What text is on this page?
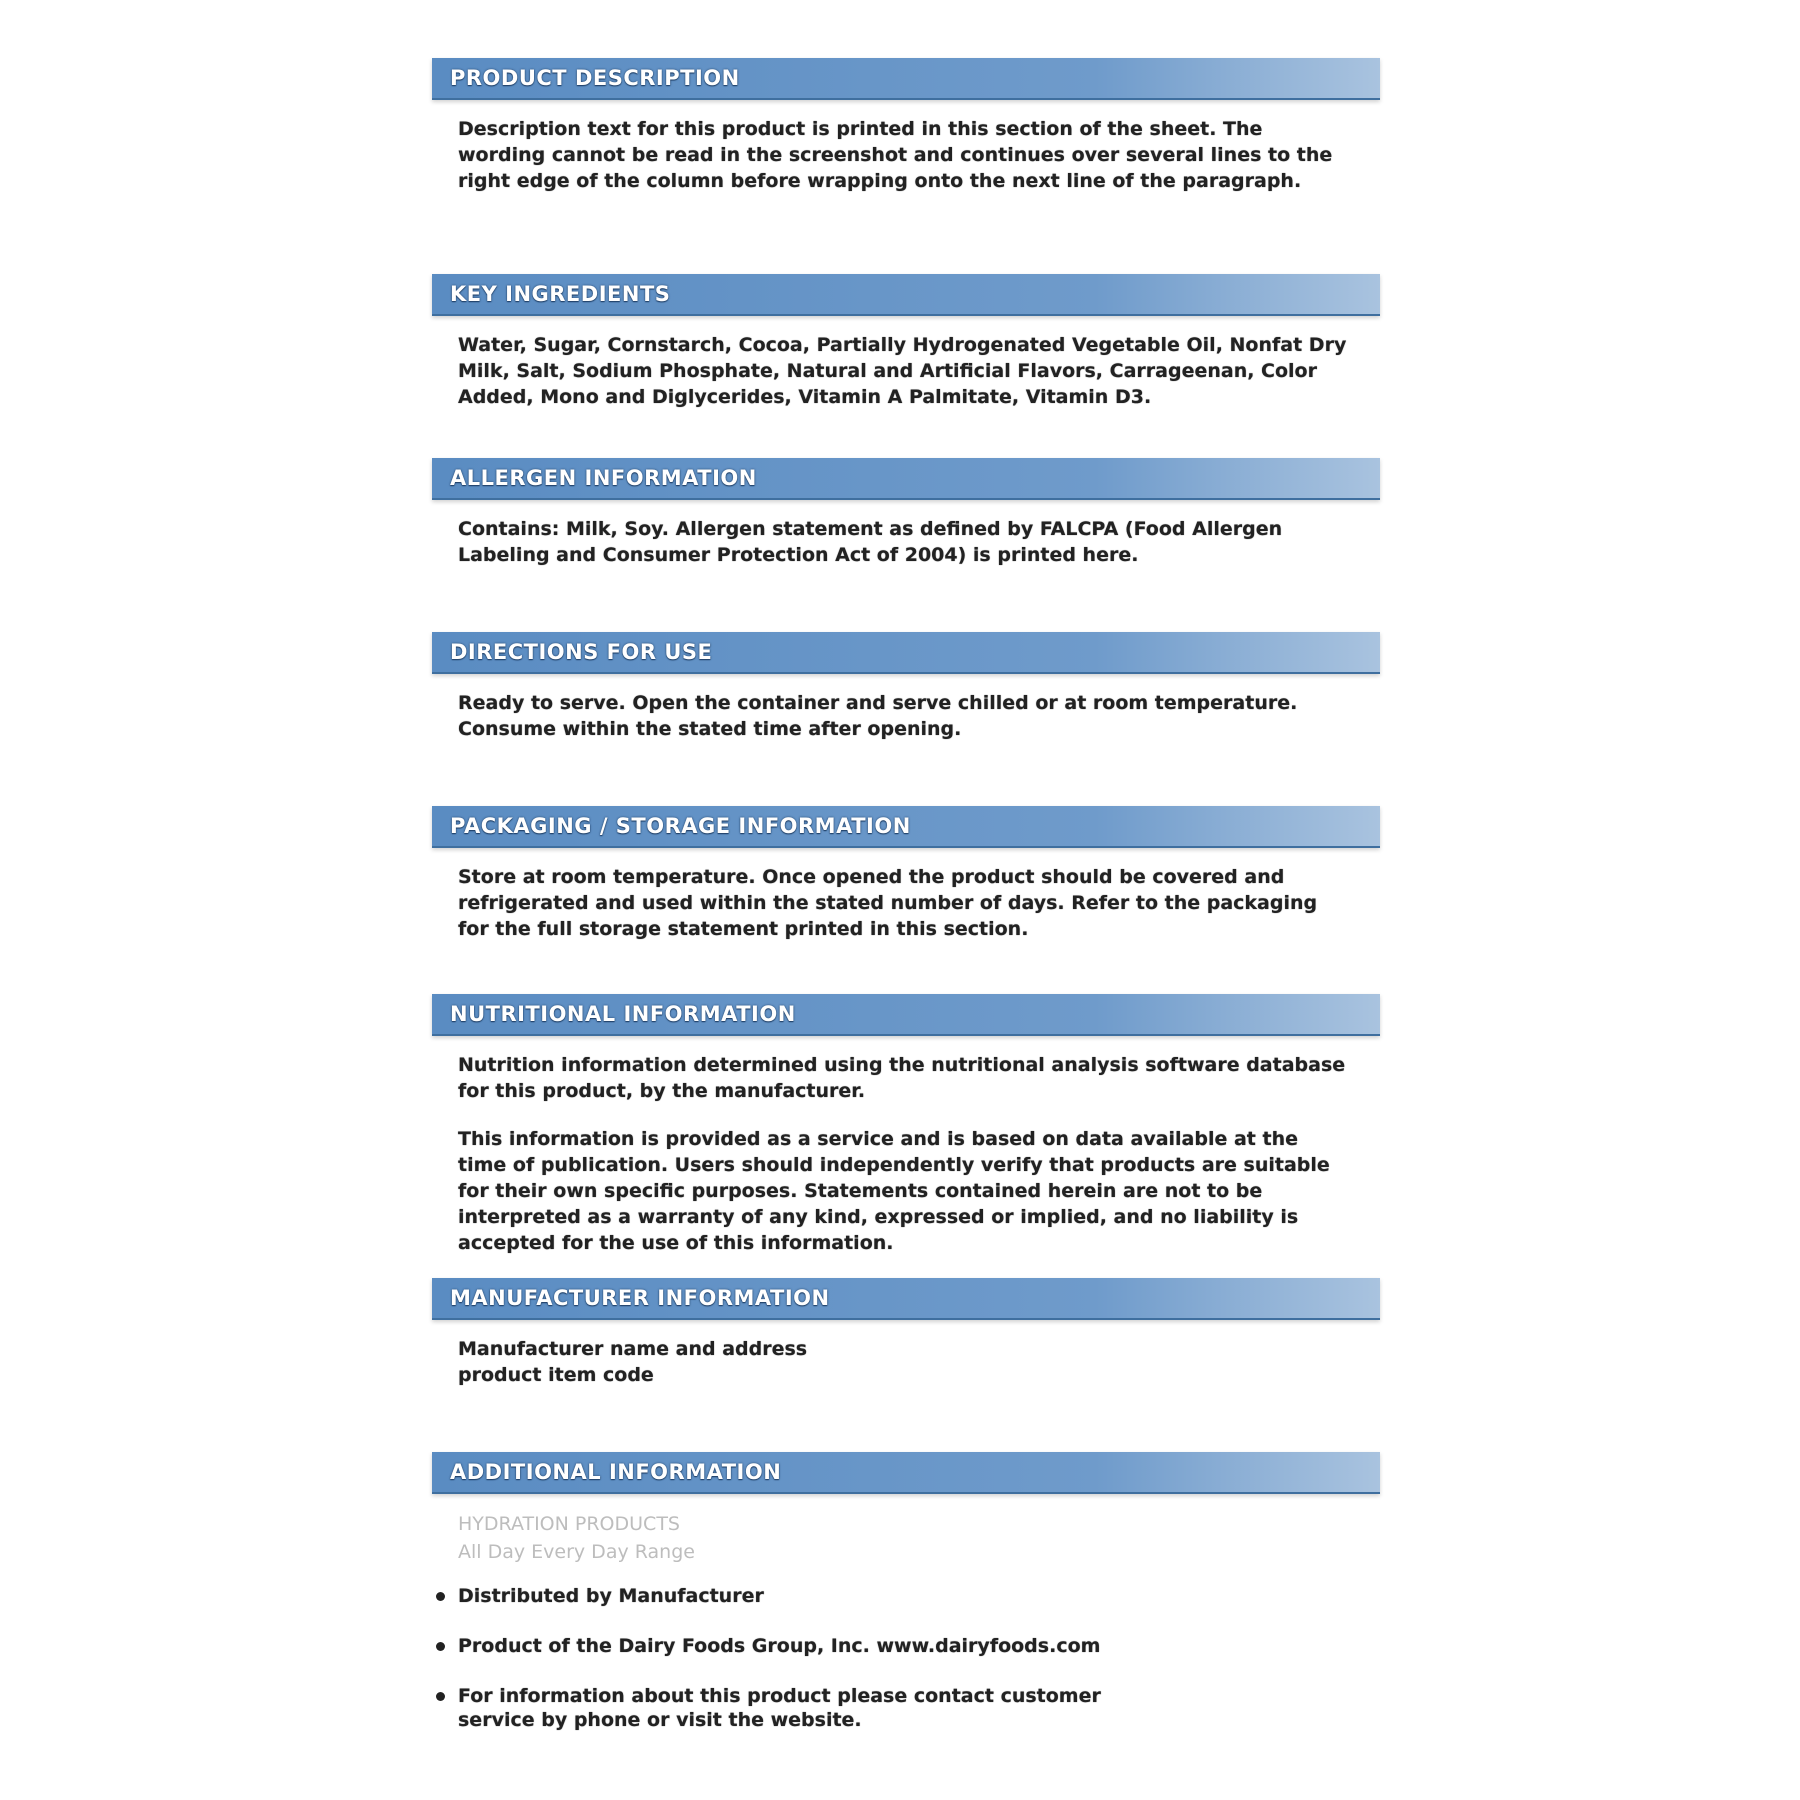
PRODUCT DESCRIPTION

Description text for this product is printed in this section of the sheet. The wording cannot be read in the screenshot and continues over several lines to the right edge of the column before wrapping onto the next line of the paragraph.

KEY INGREDIENTS

Water, Sugar, Cornstarch, Cocoa, Partially Hydrogenated Vegetable Oil, Nonfat Dry Milk, Salt, Sodium Phosphate, Natural and Artificial Flavors, Carrageenan, Color Added, Mono and Diglycerides, Vitamin A Palmitate, Vitamin D3.

ALLERGEN INFORMATION

Contains: Milk, Soy. Allergen statement as defined by FALCPA (Food Allergen Labeling and Consumer Protection Act of 2004) is printed here.

DIRECTIONS FOR USE

Ready to serve. Open the container and serve chilled or at room temperature. Consume within the stated time after opening.

PACKAGING / STORAGE INFORMATION

Store at room temperature. Once opened the product should be covered and refrigerated and used within the stated number of days. Refer to the packaging for the full storage statement printed in this section.

NUTRITIONAL INFORMATION

Nutrition information determined using the nutritional analysis software database for this product, by the manufacturer.

This information is provided as a service and is based on data available at the time of publication. Users should independently verify that products are suitable for their own specific purposes. Statements contained herein are not to be interpreted as a warranty of any kind, expressed or implied, and no liability is accepted for the use of this information.

MANUFACTURER INFORMATION

Manufacturer name and address
product item code

ADDITIONAL INFORMATION

HYDRATION PRODUCTS
All Day Every Day Range

Distributed by Manufacturer
Product of the Dairy Foods Group, Inc. www.dairyfoods.com
For information about this product please contact customer service by phone or visit the website.
